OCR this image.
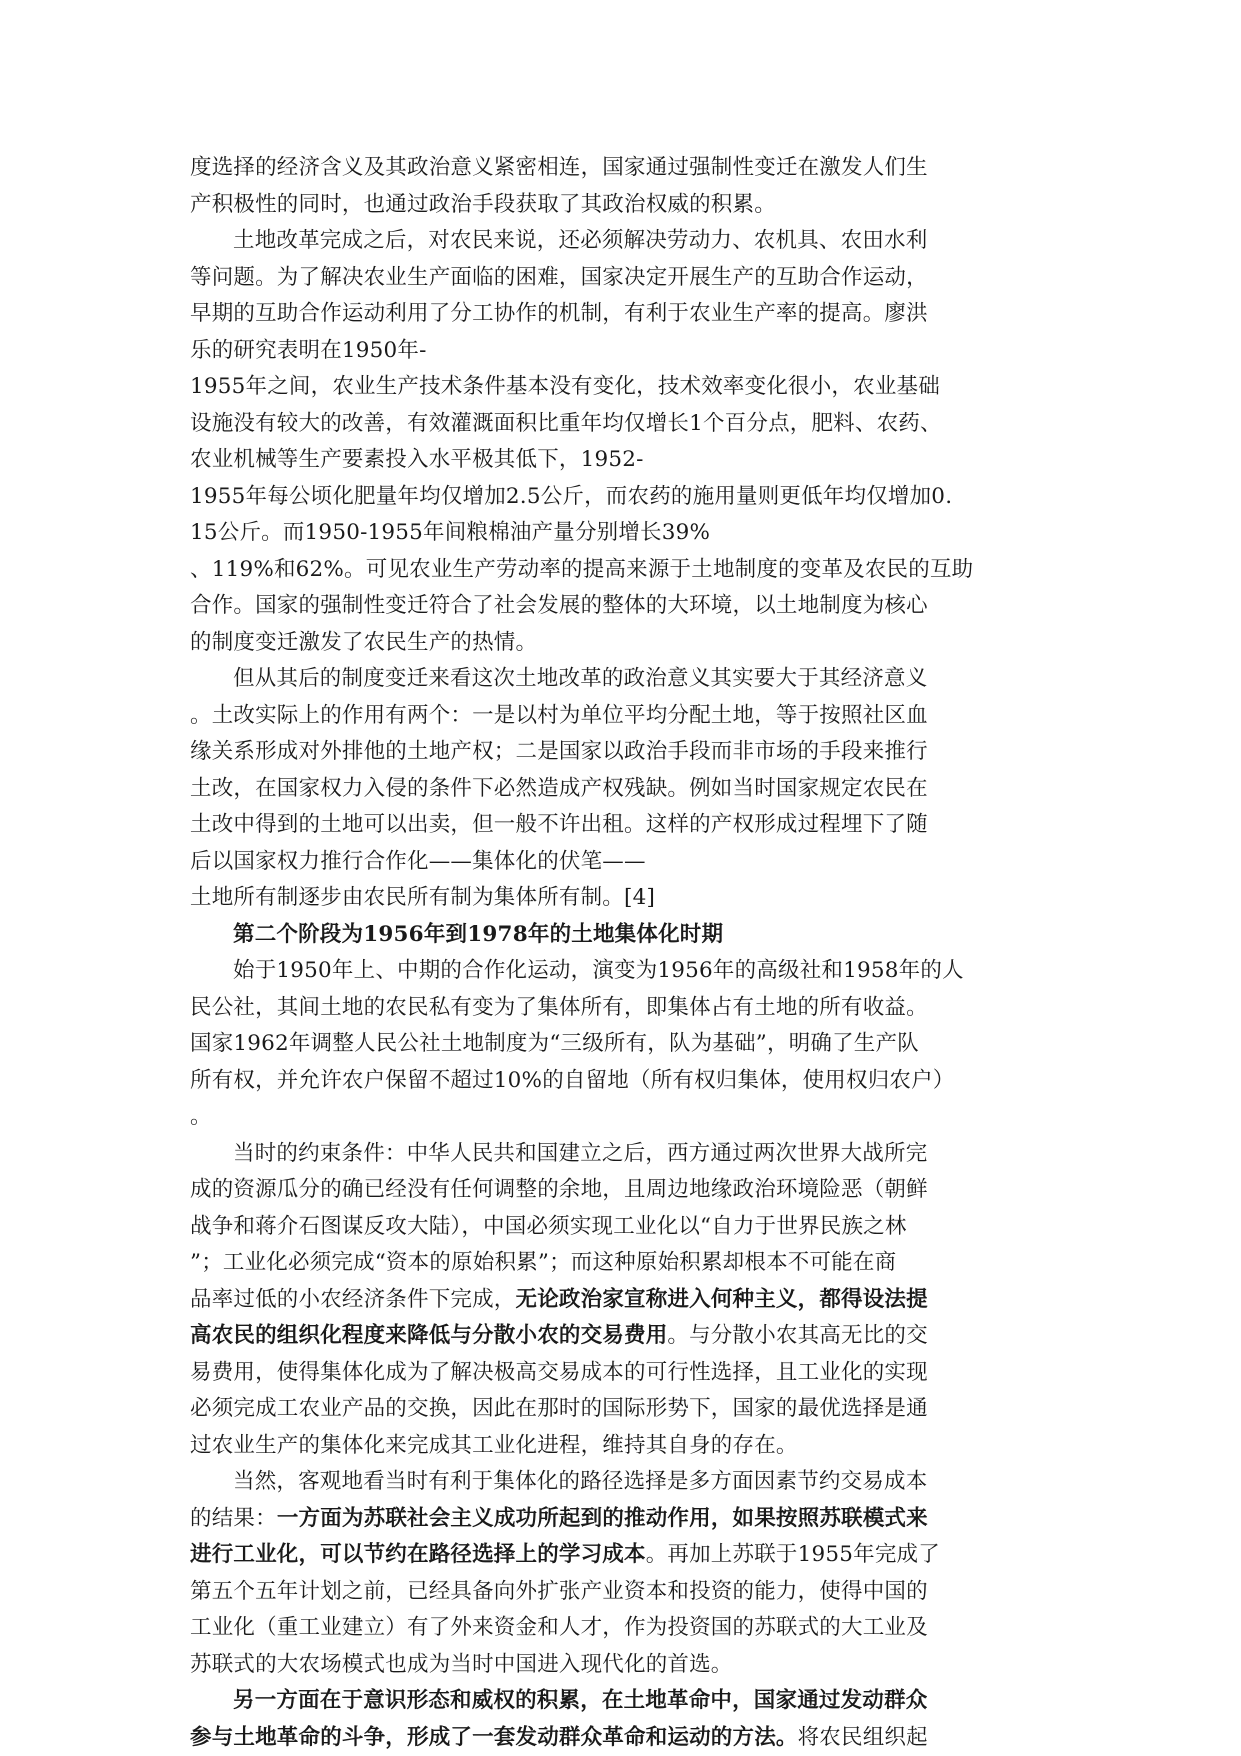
度选择的经济含义及其政治意义紧密相连，国家通过强制性变迁在激发人们生
产积极性的同时，也通过政治手段获取了其政治权威的积累。
土地改革完成之后，对农民来说，还必须解决劳动力、农机具、农田水利
等问题。为了解决农业生产面临的困难，国家决定开展生产的互助合作运动，
早期的互助合作运动利用了分工协作的机制，有利于农业生产率的提高。廖洪
乐的研究表明在1950年-
1955年之间，农业生产技术条件基本没有变化，技术效率变化很小，农业基础
设施没有较大的改善，有效灌溉面积比重年均仅增长1个百分点，肥料、农药、
农业机械等生产要素投入水平极其低下，1952-
1955年每公顷化肥量年均仅增加2.5公斤，而农药的施用量则更低年均仅增加0.
15公斤。而1950-1955年间粮棉油产量分别增长39%
、119%和62%。可见农业生产劳动率的提高来源于土地制度的变革及农民的互助
合作。国家的强制性变迁符合了社会发展的整体的大环境，以土地制度为核心
的制度变迁激发了农民生产的热情。
但从其后的制度变迁来看这次土地改革的政治意义其实要大于其经济意义
。土改实际上的作用有两个：一是以村为单位平均分配土地，等于按照社区血
缘关系形成对外排他的土地产权；二是国家以政治手段而非市场的手段来推行
土改，在国家权力入侵的条件下必然造成产权残缺。例如当时国家规定农民在
土改中得到的土地可以出卖，但一般不许出租。这样的产权形成过程埋下了随
后以国家权力推行合作化——集体化的伏笔——
土地所有制逐步由农民所有制为集体所有制。[4]
第二个阶段为1956年到1978年的土地集体化时期
始于1950年上、中期的合作化运动，演变为1956年的高级社和1958年的人
民公社，其间土地的农民私有变为了集体所有，即集体占有土地的所有收益。
国家1962年调整人民公社土地制度为“三级所有，队为基础”，明确了生产队
所有权，并允许农户保留不超过10%的自留地（所有权归集体，使用权归农户）
。
当时的约束条件：中华人民共和国建立之后，西方通过两次世界大战所完
成的资源瓜分的确已经没有任何调整的余地，且周边地缘政治环境险恶（朝鲜
战争和蒋介石图谋反攻大陆），中国必须实现工业化以“自力于世界民族之林
”；工业化必须完成“资本的原始积累”；而这种原始积累却根本不可能在商
品率过低的小农经济条件下完成，无论政治家宣称进入何种主义，都得设法提
高农民的组织化程度来降低与分散小农的交易费用。与分散小农其高无比的交
易费用，使得集体化成为了解决极高交易成本的可行性选择，且工业化的实现
必须完成工农业产品的交换，因此在那时的国际形势下，国家的最优选择是通
过农业生产的集体化来完成其工业化进程，维持其自身的存在。
当然，客观地看当时有利于集体化的路径选择是多方面因素节约交易成本
的结果：一方面为苏联社会主义成功所起到的推动作用，如果按照苏联模式来
进行工业化，可以节约在路径选择上的学习成本。再加上苏联于1955年完成了
第五个五年计划之前，已经具备向外扩张产业资本和投资的能力，使得中国的
工业化（重工业建立）有了外来资金和人才，作为投资国的苏联式的大工业及
苏联式的大农场模式也成为当时中国进入现代化的首选。
另一方面在于意识形态和威权的积累，在土地革命中，国家通过发动群众
参与土地革命的斗争，形成了一套发动群众革命和运动的方法。将农民组织起
